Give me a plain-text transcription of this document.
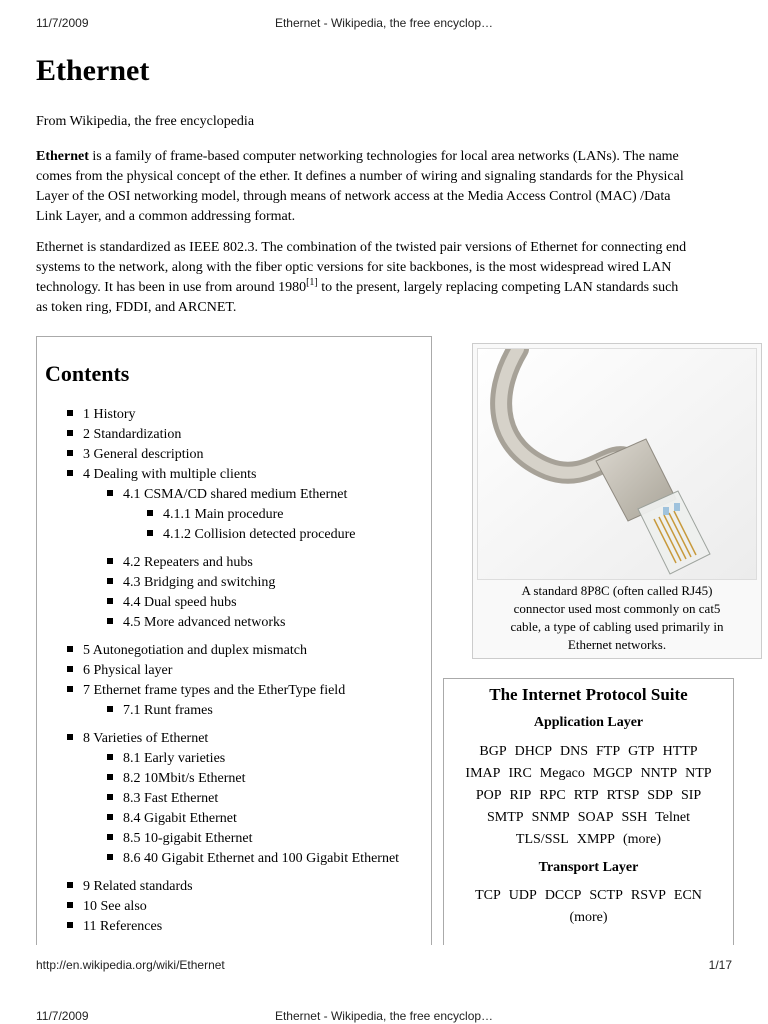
11/7/2009	Ethernet - Wikipedia, the free encyclop…
Ethernet
From Wikipedia, the free encyclopedia
Ethernet is a family of frame-based computer networking technologies for local area networks (LANs). The name
comes from the physical concept of the ether. It defines a number of wiring and signaling standards for the Physical
Layer of the OSI networking model, through means of network access at the Media Access Control (MAC) /Data
Link Layer, and a common addressing format.
Ethernet is standardized as IEEE 802.3. The combination of the twisted pair versions of Ethernet for connecting end
systems to the network, along with the fiber optic versions for site backbones, is the most widespread wired LAN
technology. It has been in use from around 1980[1] to the present, largely replacing competing LAN standards such
as token ring, FDDI, and ARCNET.
Contents
1 History
2 Standardization
3 General description
4 Dealing with multiple clients
4.1 CSMA/CD shared medium Ethernet
4.1.1 Main procedure
4.1.2 Collision detected procedure
4.2 Repeaters and hubs
4.3 Bridging and switching
4.4 Dual speed hubs
4.5 More advanced networks
5 Autonegotiation and duplex mismatch
6 Physical layer
7 Ethernet frame types and the EtherType field
7.1 Runt frames
8 Varieties of Ethernet
8.1 Early varieties
8.2 10Mbit/s Ethernet
8.3 Fast Ethernet
8.4 Gigabit Ethernet
8.5 10-gigabit Ethernet
8.6 40 Gigabit Ethernet and 100 Gigabit Ethernet
9 Related standards
10 See also
11 References
A standard 8P8C (often called RJ45)
connector used most commonly on cat5
cable, a type of cabling used primarily in
Ethernet networks.
The Internet Protocol Suite
Application Layer
BGP DHCP DNS FTP GTP HTTP
IMAP IRC Megaco MGCP NNTP NTP
POP RIP RPC RTP RTSP SDP SIP
SMTP SNMP SOAP SSH Telnet
TLS/SSL XMPP (more)
Transport Layer
TCP UDP DCCP SCTP RSVP ECN
(more)
http://en.wikipedia.org/wiki/Ethernet	1/17
11/7/2009	Ethernet - Wikipedia, the free encyclop…
